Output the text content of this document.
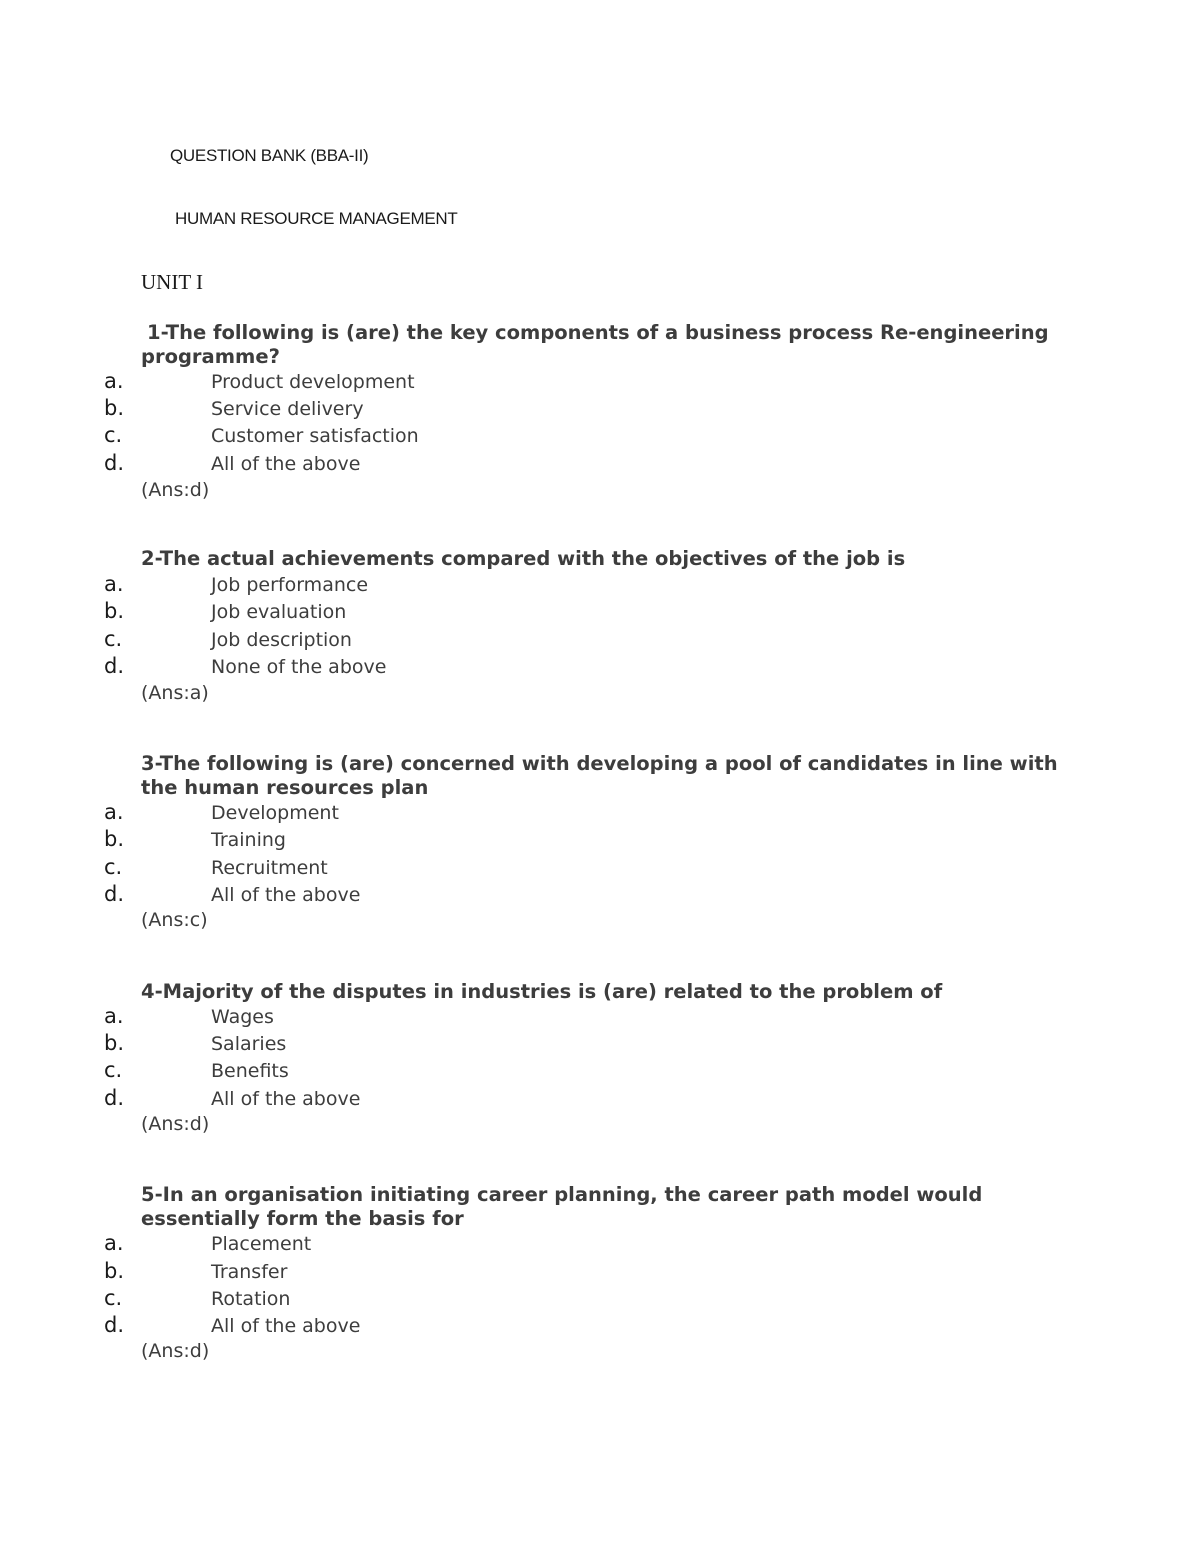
QUESTION BANK (BBA-II)
HUMAN RESOURCE MANAGEMENT
UNIT I
1-The following is (are) the key components of a business process Re-engineering programme?
a.	Product development
b.	Service delivery
c.	Customer satisfaction
d.	All of the above
(Ans:d)
2-The actual achievements compared with the objectives of the job is
a.	Job performance
b.	Job evaluation
c.	Job description
d.	None of the above
(Ans:a)
3-The following is (are) concerned with developing a pool of candidates in line with the human resources plan
a.	Development
b.	Training
c.	Recruitment
d.	All of the above
(Ans:c)
4-Majority of the disputes in industries is (are) related to the problem of
a.	Wages
b.	Salaries
c.	Benefits
d.	All of the above
(Ans:d)
5-In an organisation initiating career planning, the career path model would essentially form the basis for
a.	Placement
b.	Transfer
c.	Rotation
d.	All of the above
(Ans:d)
